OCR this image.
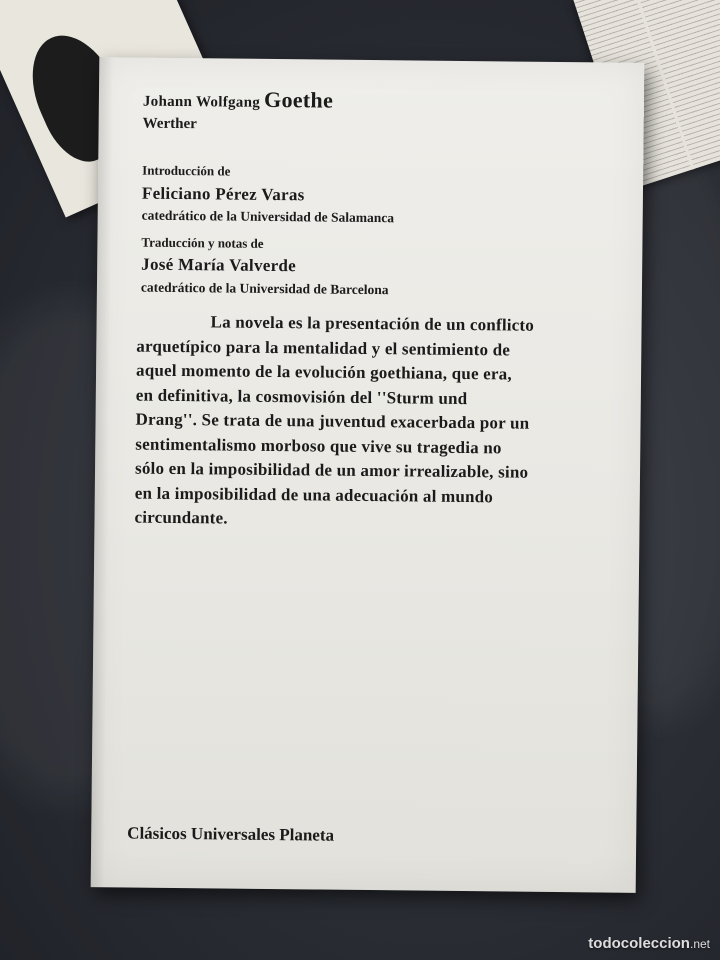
ncia
Johann Wolfgang Goethe
Werther
Introducción de
Feliciano Pérez Varas
catedrático de la Universidad de Salamanca
Traducción y notas de
José María Valverde
catedrático de la Universidad de Barcelona
La novela es la presentación de un conflicto
arquetípico para la mentalidad y el sentimiento de
aquel momento de la evolución goethiana, que era,
en definitiva, la cosmovisión del ''Sturm und
Drang''. Se trata de una juventud exacerbada por un
sentimentalismo morboso que vive su tragedia no
sólo en la imposibilidad de un amor irrealizable, sino
en la imposibilidad de una adecuación al mundo
circundante.
Clásicos Universales Planeta
todocoleccion.net
